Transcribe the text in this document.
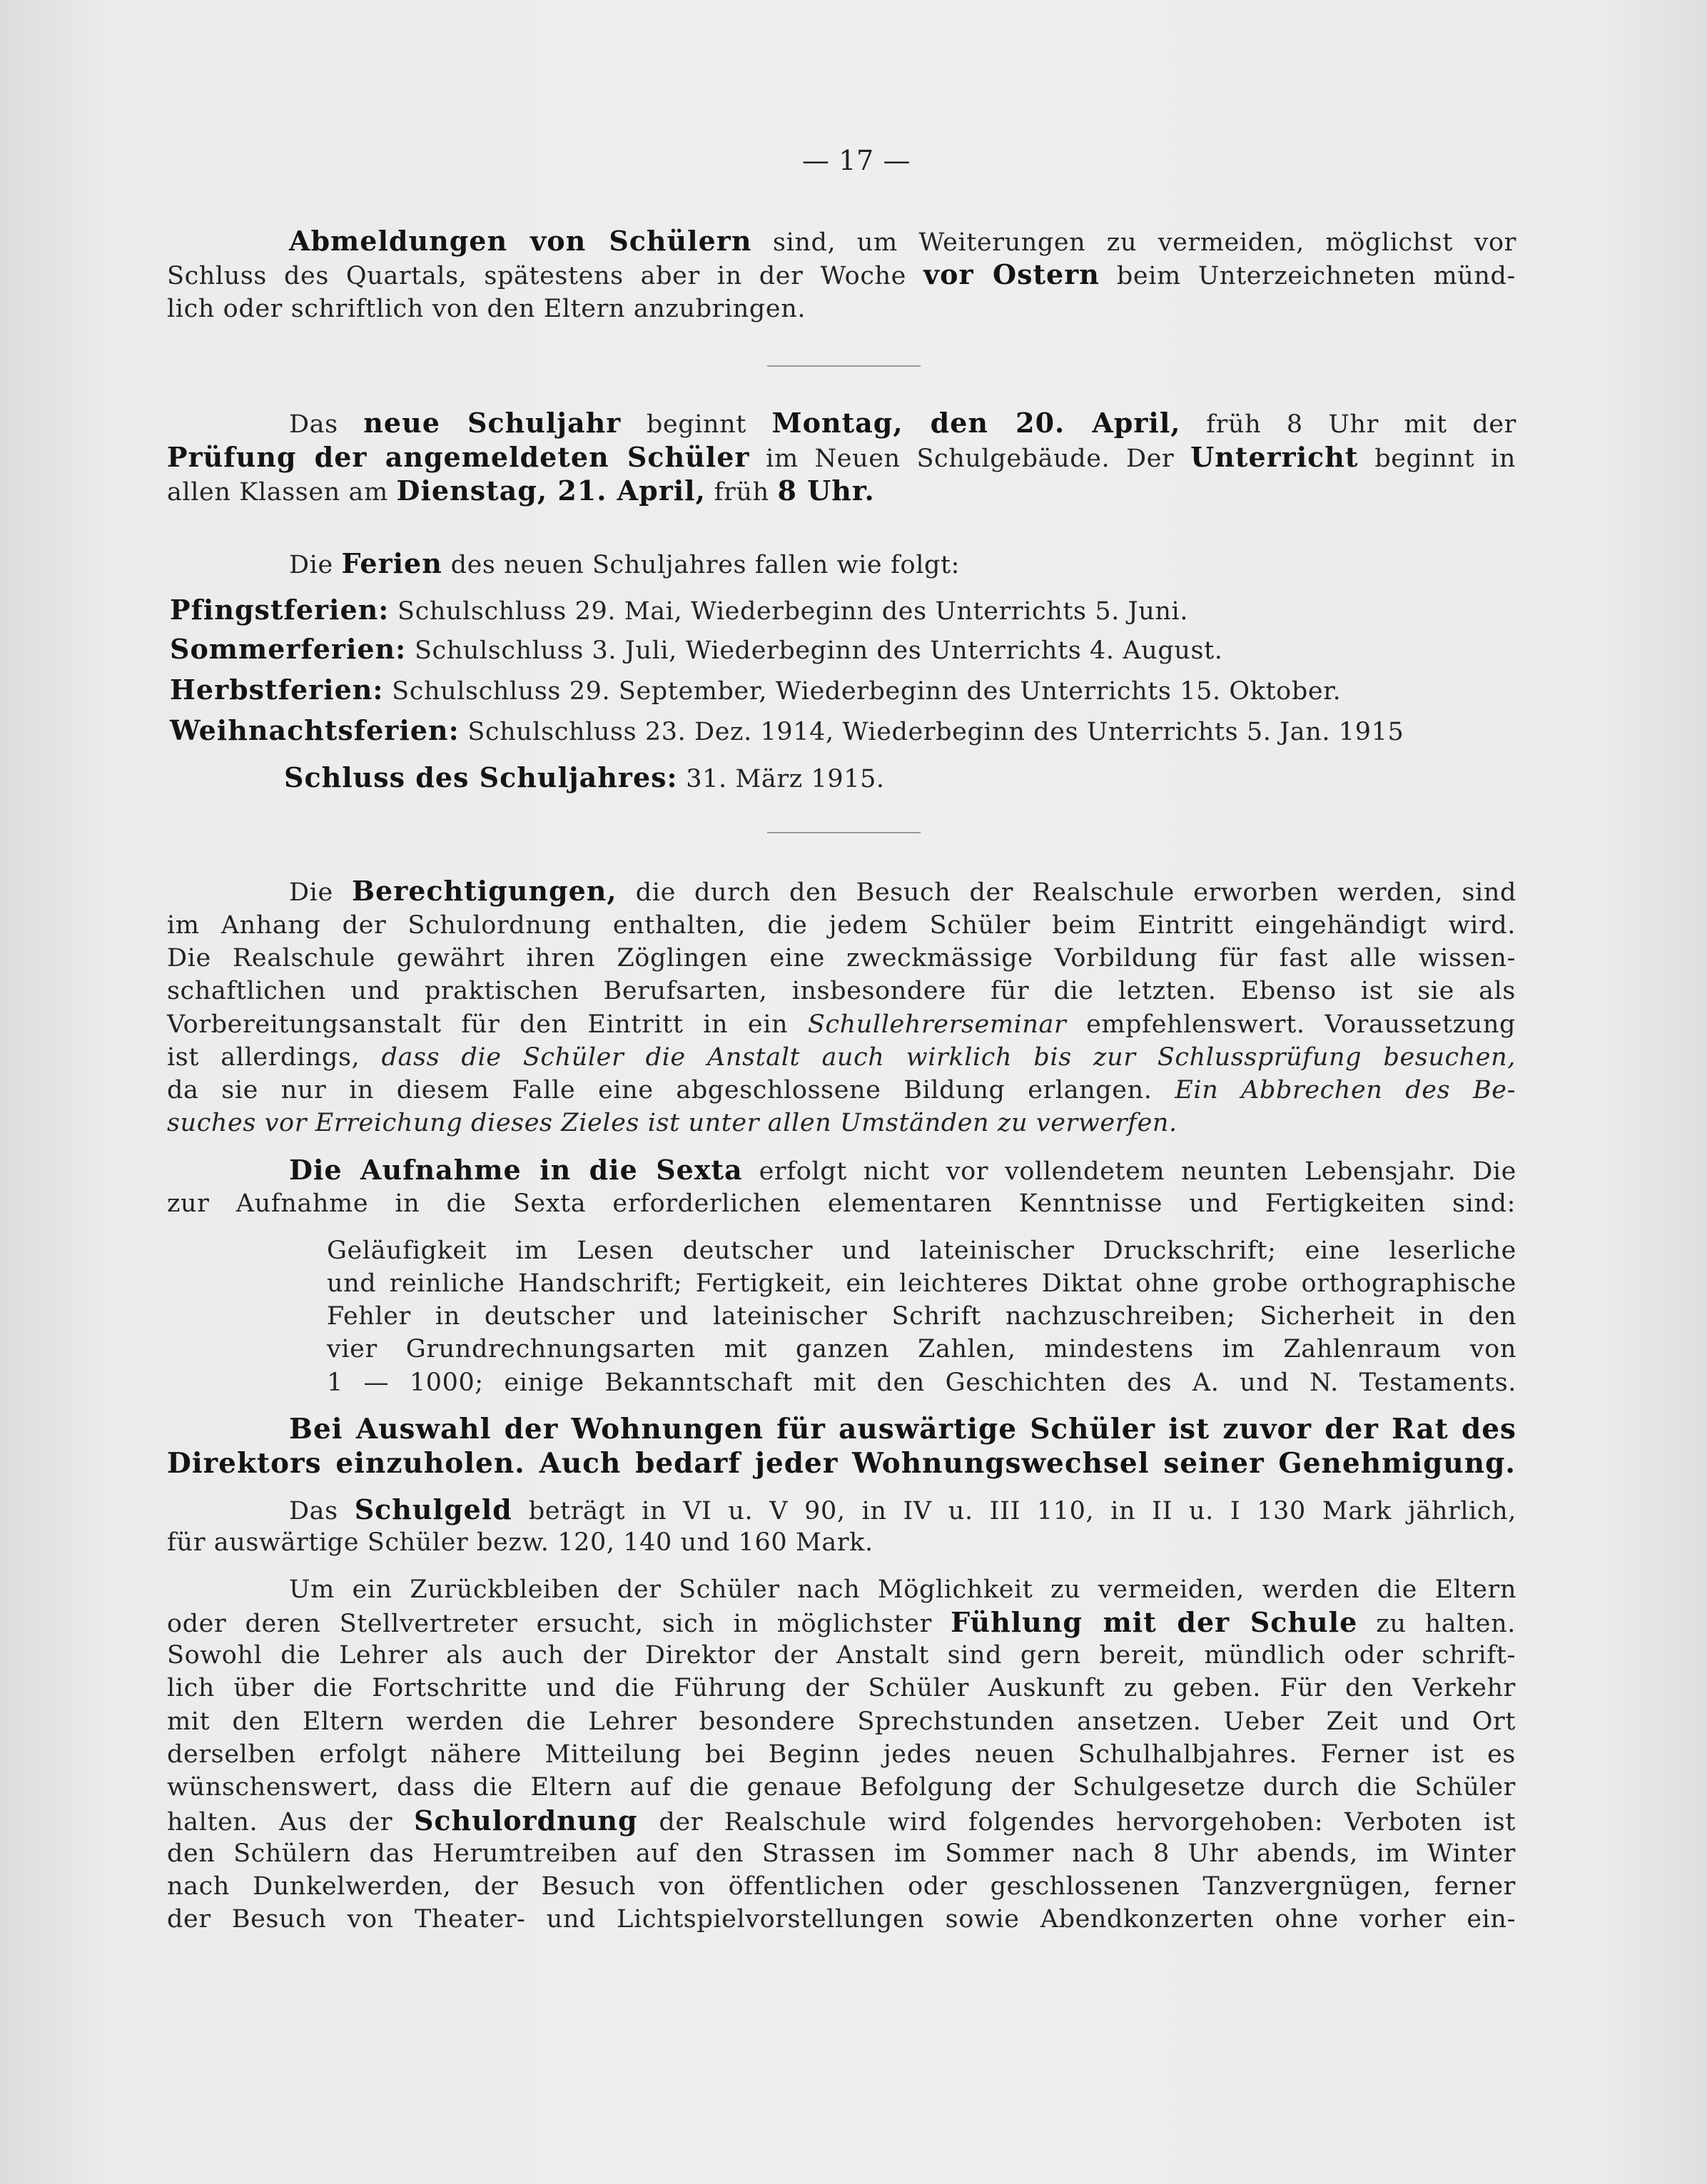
— 17 —
Abmeldungen von Schülern sind, um Weiterungen zu vermeiden, möglichst vor
Schluss des Quartals, spätestens aber in der Woche vor Ostern beim Unterzeichneten münd-
lich oder schriftlich von den Eltern anzubringen.
Das neue Schuljahr beginnt Montag, den 20. April, früh 8 Uhr mit der
Prüfung der angemeldeten Schüler im Neuen Schulgebäude. Der Unterricht beginnt in
allen Klassen am Dienstag, 21. April, früh 8 Uhr.
Die Ferien des neuen Schuljahres fallen wie folgt:
Pfingstferien: Schulschluss 29. Mai, Wiederbeginn des Unterrichts 5. Juni.
Sommerferien: Schulschluss 3. Juli, Wiederbeginn des Unterrichts 4. August.
Herbstferien: Schulschluss 29. September, Wiederbeginn des Unterrichts 15. Oktober.
Weihnachtsferien: Schulschluss 23. Dez. 1914, Wiederbeginn des Unterrichts 5. Jan. 1915
Schluss des Schuljahres: 31. März 1915.
Die Berechtigungen, die durch den Besuch der Realschule erworben werden, sind
im Anhang der Schulordnung enthalten, die jedem Schüler beim Eintritt eingehändigt wird.
Die Realschule gewährt ihren Zöglingen eine zweckmässige Vorbildung für fast alle wissen-
schaftlichen und praktischen Berufsarten, insbesondere für die letzten. Ebenso ist sie als
Vorbereitungsanstalt für den Eintritt in ein Schullehrerseminar empfehlenswert. Voraussetzung
ist allerdings, dass die Schüler die Anstalt auch wirklich bis zur Schlussprüfung besuchen,
da sie nur in diesem Falle eine abgeschlossene Bildung erlangen. Ein Abbrechen des Be-
suches vor Erreichung dieses Zieles ist unter allen Umständen zu verwerfen.
Die Aufnahme in die Sexta erfolgt nicht vor vollendetem neunten Lebensjahr. Die
zur Aufnahme in die Sexta erforderlichen elementaren Kenntnisse und Fertigkeiten sind:
Geläufigkeit im Lesen deutscher und lateinischer Druckschrift; eine leserliche
und reinliche Handschrift; Fertigkeit, ein leichteres Diktat ohne grobe orthographische
Fehler in deutscher und lateinischer Schrift nachzuschreiben; Sicherheit in den
vier Grundrechnungsarten mit ganzen Zahlen, mindestens im Zahlenraum von
1 — 1000; einige Bekanntschaft mit den Geschichten des A. und N. Testaments.
Bei Auswahl der Wohnungen für auswärtige Schüler ist zuvor der Rat des
Direktors einzuholen. Auch bedarf jeder Wohnungswechsel seiner Genehmigung.
Das Schulgeld beträgt in VI u. V 90, in IV u. III 110, in II u. I 130 Mark jährlich,
für auswärtige Schüler bezw. 120, 140 und 160 Mark.
Um ein Zurückbleiben der Schüler nach Möglichkeit zu vermeiden, werden die Eltern
oder deren Stellvertreter ersucht, sich in möglichster Fühlung mit der Schule zu halten.
Sowohl die Lehrer als auch der Direktor der Anstalt sind gern bereit, mündlich oder schrift-
lich über die Fortschritte und die Führung der Schüler Auskunft zu geben. Für den Verkehr
mit den Eltern werden die Lehrer besondere Sprechstunden ansetzen. Ueber Zeit und Ort
derselben erfolgt nähere Mitteilung bei Beginn jedes neuen Schulhalbjahres. Ferner ist es
wünschenswert, dass die Eltern auf die genaue Befolgung der Schulgesetze durch die Schüler
halten. Aus der Schulordnung der Realschule wird folgendes hervorgehoben: Verboten ist
den Schülern das Herumtreiben auf den Strassen im Sommer nach 8 Uhr abends, im Winter
nach Dunkelwerden, der Besuch von öffentlichen oder geschlossenen Tanzvergnügen, ferner
der Besuch von Theater- und Lichtspielvorstellungen sowie Abendkonzerten ohne vorher ein-
